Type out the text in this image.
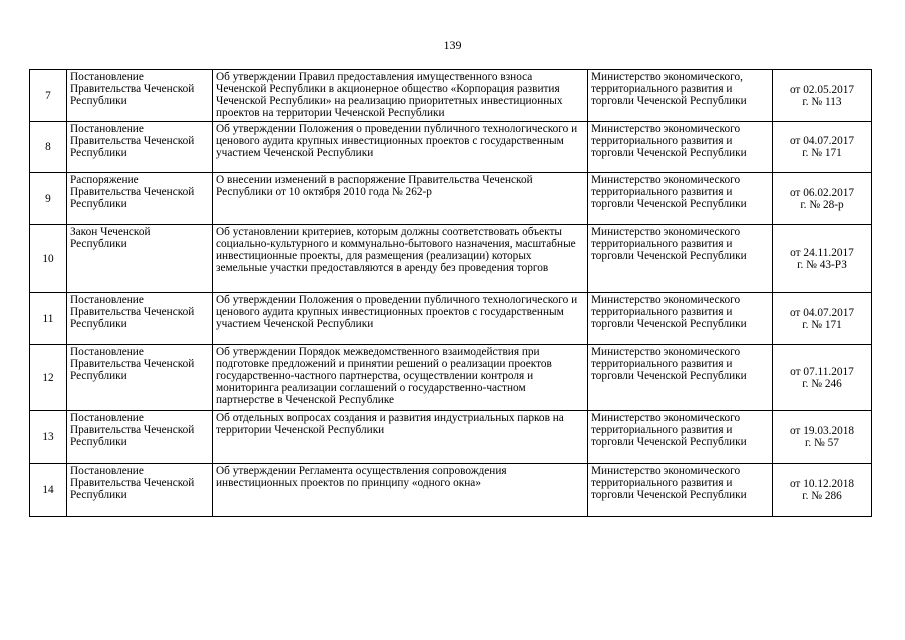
139
7	Постановление Правительства Чеченской Республики	Об утверждении Правил предоставления имущественного взноса Чеченской Республики в акционерное общество «Корпорация развития Чеченской Республики» на реализацию приоритетных инвестиционных проектов на территории Чеченской Республики	Министерство экономического, территориального развития и торговли Чеченской Республики	от 02.05.2017
г. № 113

8	Постановление Правительства Чеченской Республики	Об утверждении Положения о проведении публичного технологического и ценового аудита крупных инвестиционных проектов с государственным участием Чеченской Республики	Министерство экономического территориального развития и торговли Чеченской Республики	от 04.07.2017
г. № 171

9	Распоряжение Правительства Чеченской Республики	О внесении изменений в распоряжение Правительства Чеченской Республики от 10 октября 2010 года № 262-р	Министерство экономического территориального развития и торговли Чеченской Республики	от 06.02.2017
г. № 28-р

10	Закон Чеченской Республики	Об установлении критериев, которым должны соответствовать объекты социально-культурного и коммунально-бытового назначения, масштабные инвестиционные проекты, для размещения (реализации) которых земельные участки предоставляются в аренду без проведения торгов	Министерство экономического территориального развития и торговли Чеченской Республики	от 24.11.2017
г. № 43-РЗ

11	Постановление Правительства Чеченской Республики	Об утверждении Положения о проведении публичного технологического и ценового аудита крупных инвестиционных проектов с государственным участием Чеченской Республики	Министерство экономического территориального развития и торговли Чеченской Республики	от 04.07.2017
г. № 171

12	Постановление Правительства Чеченской Республики	Об утверждении Порядок межведомственного взаимодействия при подготовке предложений и принятии решений о реализации проектов государственно-частного партнерства, осуществлении контроля и мониторинга реализации соглашений о государственно-частном партнерстве в Чеченской Республике	Министерство экономического территориального развития и торговли Чеченской Республики	от 07.11.2017
г. № 246

13	Постановление Правительства Чеченской Республики	Об отдельных вопросах создания и развития индустриальных парков на территории Чеченской Республики	Министерство экономического территориального развития и торговли Чеченской Республики	от 19.03.2018
г. № 57

14	Постановление Правительства Чеченской Республики	Об утверждении Регламента осуществления сопровождения инвестиционных проектов по принципу «одного окна»	Министерство экономического территориального развития и торговли Чеченской Республики	от 10.12.2018
г. № 286
